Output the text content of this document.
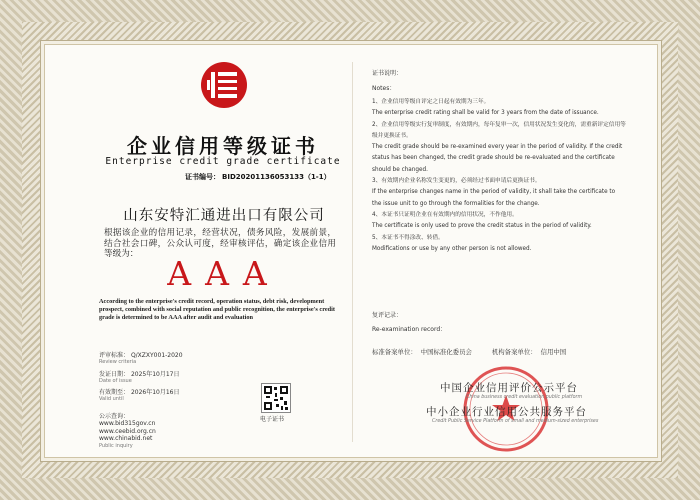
企业信用等级证书
Enterprise credit grade certificate
证书编号： BID20201136053133（1-1）
山东安特汇通进出口有限公司
根据该企业的信用记录，经营状况，债务风险，发展前景，结合社会口碑，公众认可度，经审核评估，确定该企业信用等级为： AAA
According to the enterprise's credit record, operation status, debt risk, development prospect, combined with social reputation and public recognition, the enterprise's credit grade is determined to be AAA after audit and evaluation
评审标准： Q/XZXY001-2020
Review criteria
发证日期： 2025年10月17日
Date of issue
有效期至： 2026年10月16日
Valid until

公示查询：
www.bid315gov.cn
www.ceebid.org.cn
www.chinabid.net

Public inquiry

电子证书
证书说明：
Notes：

1、企业信用等级自评定之日起有效期为三年。

The enterprise credit rating shall be valid for 3 years from the date of issuance.

2、企业信用等级实行复审制度，有效期内，每年复审一次，信用状况发生变化的，需重新评定信用等级并更换证书。

The credit grade should be re-examined every year in the period of validity. If the credit status has been changed, the credit grade should be re-evaluated and the certificate should be changed.

3、有效期内企业名称发生变更的，必须经过书面申请后更换证书。

If the enterprise changes name in the period of validity, it shall take the certificate to the issue unit to go through the formalities for the change.

4、本证书只证明企业在有效期内的信用状况，不作他用。

The certificate is only used to prove the credit status in the period of validity.

5、本证书不得涂改、转借。

Modifications or use by any other person is not allowed.

复评记录：
Re-examination record：
标准备案单位： 中国标准化委员会	机构备案单位： 信用中国
中国企业信用评价公示平台
China business credit evaluation public platform
中小企业行业信用公共服务平台
Credit Public Service Platform of small and medium-sized enterprises
